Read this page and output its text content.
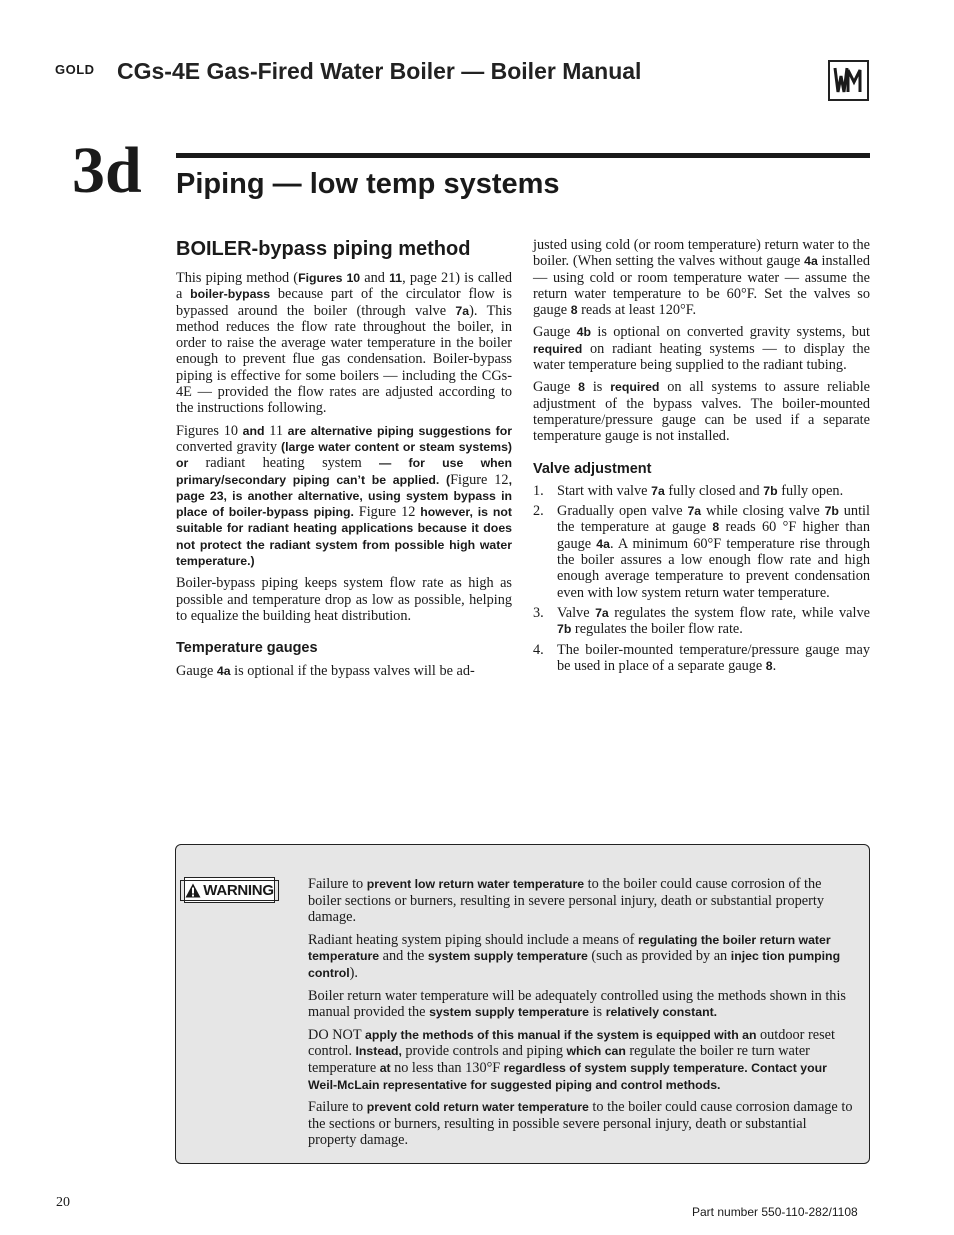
GOLD CGs-4E Gas-Fired Water Boiler — Boiler Manual
3d Piping — low temp systems
BOILER-bypass piping method

This piping method (Figures 10 and 11, page 21) is called a boiler-bypass because part of the circulator flow is bypassed around the boiler (through valve 7a). This method reduces the flow rate throughout the boiler, in order to raise the average water temperature in the boiler enough to prevent flue gas condensation. Boiler-bypass piping is effective for some boilers — including the CGs-4E — provided the flow rates are adjusted according to the instructions following.

Figures 10 and 11 are alternative piping suggestions for converted gravity (large water content or steam systems) or radiant heating system — for use when primary/secondary piping can’t be applied. (Figure 12, page 23, is another alternative, using system bypass in place of boiler-bypass piping. Figure 12 however, is not suitable for radiant heating applications because it does not protect the radiant system from possible high water temperature.)

Boiler-bypass piping keeps system flow rate as high as possible and temperature drop as low as possible, helping to equalize the building heat distribution.

Temperature gauges

Gauge 4a is optional if the bypass valves will be ad-

justed using cold (or room temperature) return water to the boiler. (When setting the valves without gauge 4a installed — using cold or room temperature water — assume the return water temperature to be 60°F. Set the valves so gauge 8 reads at least 120°F.

Gauge 4b is optional on converted gravity systems, but required on radiant heating systems — to display the water temperature being supplied to the radiant tubing.

Gauge 8 is required on all systems to assure reliable adjustment of the bypass valves. The boiler-mounted temperature/pressure gauge can be used if a separate temperature gauge is not installed.

Valve adjustment
1. Start with valve 7a fully closed and 7b fully open.
2. Gradually open valve 7a while closing valve 7b until the temperature at gauge 8 reads 60 °F higher than gauge 4a. A minimum 60°F temperature rise through the boiler assures a low enough flow rate and high enough average temperature to prevent condensation even with low system return water temperature.
3. Valve 7a regulates the system flow rate, while valve 7b regulates the boiler flow rate.
4. The boiler-mounted temperature/pressure gauge may be used in place of a separate gauge 8.
WARNING Failure to prevent low return water temperature to the boiler could cause corrosion of the boiler sections or burners, resulting in severe personal injury, death or substantial property damage.

Radiant heating system piping should include a means of regulating the boiler return water temperature and the system supply temperature (such as provided by an injec tion pumping control).

Boiler return water temperature will be adequately controlled using the methods shown in this manual provided the system supply temperature is relatively constant.

DO NOT apply the methods of this manual if the system is equipped with an outdoor reset control. Instead, provide controls and piping which can regulate the boiler re turn water temperature at no less than 130°F regardless of system supply temperature. Contact your Weil-McLain representative for suggested piping and control methods.

Failure to prevent cold return water temperature to the boiler could cause corrosion damage to the sections or burners, resulting in possible severe personal injury, death or substantial property damage.

20
Part number 550-110-282/1108
